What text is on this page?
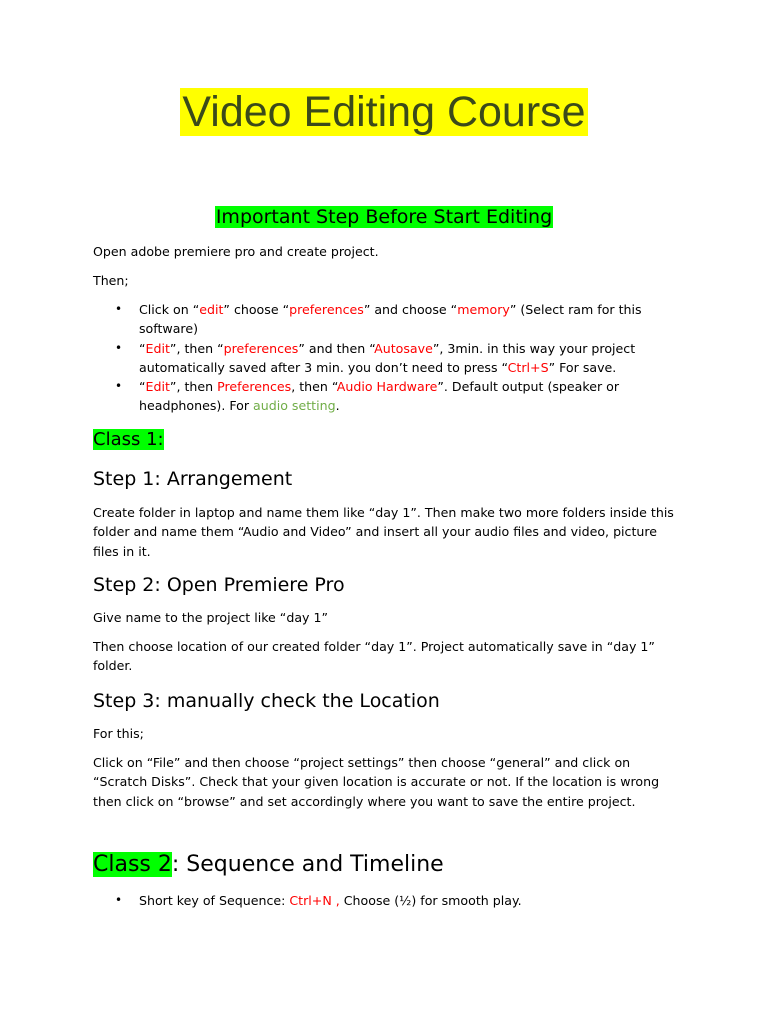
Video Editing Course
Important Step Before Start Editing
Open adobe premiere pro and create project.
Then;
• Click on “edit” choose “preferences” and choose “memory” (Select ram for this
software)
• “Edit”, then “preferences” and then “Autosave”, 3min. in this way your project
automatically saved after 3 min. you don’t need to press “Ctrl+S” For save.
• “Edit”, then Preferences, then “Audio Hardware”. Default output (speaker or
headphones). For audio setting.
Class 1:
Step 1: Arrangement
Create folder in laptop and name them like “day 1”. Then make two more folders inside this
folder and name them “Audio and Video” and insert all your audio files and video, picture
files in it.
Step 2: Open Premiere Pro
Give name to the project like “day 1”
Then choose location of our created folder “day 1”. Project automatically save in “day 1”
folder.
Step 3: manually check the Location
For this;
Click on “File” and then choose “project settings” then choose “general” and click on
“Scratch Disks”. Check that your given location is accurate or not. If the location is wrong
then click on “browse” and set accordingly where you want to save the entire project.
Class 2: Sequence and Timeline
• Short key of Sequence: Ctrl+N , Choose (½) for smooth play.
